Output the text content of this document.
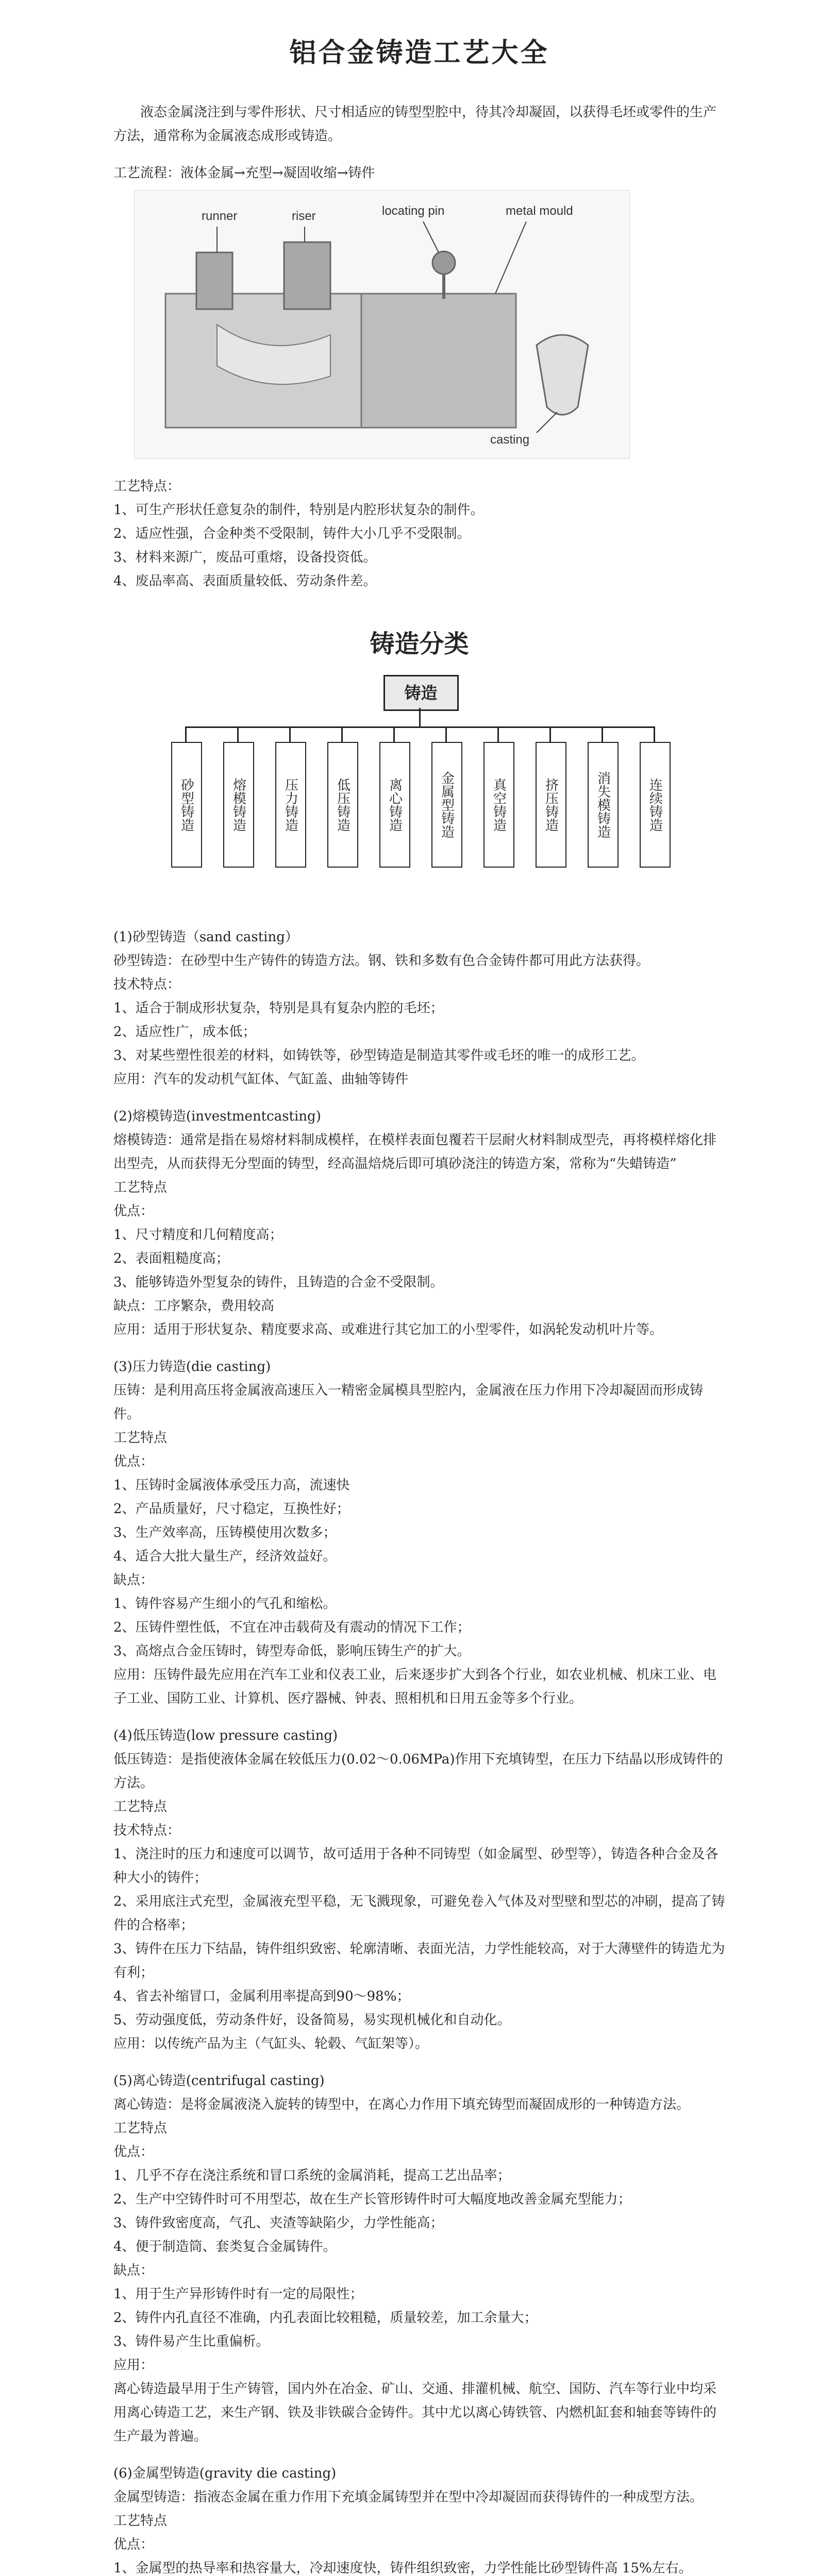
铝合金铸造工艺大全

液态金属浇注到与零件形状、尺寸相适应的铸型型腔中，待其冷却凝固，以获得毛坯或零件的生产方法，通常称为金属液态成形或铸造。

工艺流程：液体金属→充型→凝固收缩→铸件

runner	riser	locating pin	metal mould
casting

工艺特点：

1、可生产形状任意复杂的制件，特别是内腔形状复杂的制件。

2、适应性强，合金种类不受限制，铸件大小几乎不受限制。

3、材料来源广，废品可重熔，设备投资低。

4、废品率高、表面质量较低、劳动条件差。

铸造分类
铸造
砂型铸造	熔模铸造	压力铸造	低压铸造	离心铸造	金属型铸造	真空铸造	挤压铸造	消失模铸造	连续铸造

(1)砂型铸造（sand casting）

砂型铸造：在砂型中生产铸件的铸造方法。钢、铁和多数有色合金铸件都可用此方法获得。

技术特点：

1、适合于制成形状复杂，特别是具有复杂内腔的毛坯；

2、适应性广，成本低；

3、对某些塑性很差的材料，如铸铁等，砂型铸造是制造其零件或毛坯的唯一的成形工艺。

应用：汽车的发动机气缸体、气缸盖、曲轴等铸件

(2)熔模铸造(investmentcasting)

熔模铸造：通常是指在易熔材料制成模样，在模样表面包覆若干层耐火材料制成型壳，再将模样熔化排出型壳，从而获得无分型面的铸型，经高温焙烧后即可填砂浇注的铸造方案，常称为“失蜡铸造”

工艺特点

优点：

1、尺寸精度和几何精度高；

2、表面粗糙度高；

3、能够铸造外型复杂的铸件，且铸造的合金不受限制。

缺点：工序繁杂，费用较高

应用：适用于形状复杂、精度要求高、或难进行其它加工的小型零件，如涡轮发动机叶片等。

(3)压力铸造(die casting)

压铸：是利用高压将金属液高速压入一精密金属模具型腔内，金属液在压力作用下冷却凝固而形成铸件。

工艺特点

优点：

1、压铸时金属液体承受压力高，流速快

2、产品质量好，尺寸稳定，互换性好；

3、生产效率高，压铸模使用次数多；

4、适合大批大量生产，经济效益好。

缺点：

1、铸件容易产生细小的气孔和缩松。

2、压铸件塑性低，不宜在冲击载荷及有震动的情况下工作；

3、高熔点合金压铸时，铸型寿命低，影响压铸生产的扩大。

应用：压铸件最先应用在汽车工业和仪表工业，后来逐步扩大到各个行业，如农业机械、机床工业、电子工业、国防工业、计算机、医疗器械、钟表、照相机和日用五金等多个行业。

(4)低压铸造(low pressure casting)

低压铸造：是指使液体金属在较低压力(0.02～0.06MPa)作用下充填铸型，在压力下结晶以形成铸件的方法。

工艺特点

技术特点：

1、浇注时的压力和速度可以调节，故可适用于各种不同铸型（如金属型、砂型等），铸造各种合金及各种大小的铸件；

2、采用底注式充型，金属液充型平稳，无飞溅现象，可避免卷入气体及对型壁和型芯的冲刷，提高了铸件的合格率；

3、铸件在压力下结晶，铸件组织致密、轮廓清晰、表面光洁，力学性能较高，对于大薄壁件的铸造尤为有利；

4、省去补缩冒口，金属利用率提高到90～98%；

5、劳动强度低，劳动条件好，设备简易，易实现机械化和自动化。

应用：以传统产品为主（气缸头、轮毂、气缸架等）。

(5)离心铸造(centrifugal casting)

离心铸造：是将金属液浇入旋转的铸型中，在离心力作用下填充铸型而凝固成形的一种铸造方法。

工艺特点

优点：

1、几乎不存在浇注系统和冒口系统的金属消耗，提高工艺出品率；

2、生产中空铸件时可不用型芯，故在生产长管形铸件时可大幅度地改善金属充型能力；

3、铸件致密度高，气孔、夹渣等缺陷少，力学性能高；

4、便于制造筒、套类复合金属铸件。

缺点：

1、用于生产异形铸件时有一定的局限性；

2、铸件内孔直径不准确，内孔表面比较粗糙，质量较差，加工余量大；

3、铸件易产生比重偏析。

应用：

离心铸造最早用于生产铸管，国内外在冶金、矿山、交通、排灌机械、航空、国防、汽车等行业中均采用离心铸造工艺，来生产钢、铁及非铁碳合金铸件。其中尤以离心铸铁管、内燃机缸套和轴套等铸件的生产最为普遍。

(6)金属型铸造(gravity die casting)

金属型铸造：指液态金属在重力作用下充填金属铸型并在型中冷却凝固而获得铸件的一种成型方法。

工艺特点

优点：

1、金属型的热导率和热容量大，冷却速度快，铸件组织致密，力学性能比砂型铸件高 15%左右。
